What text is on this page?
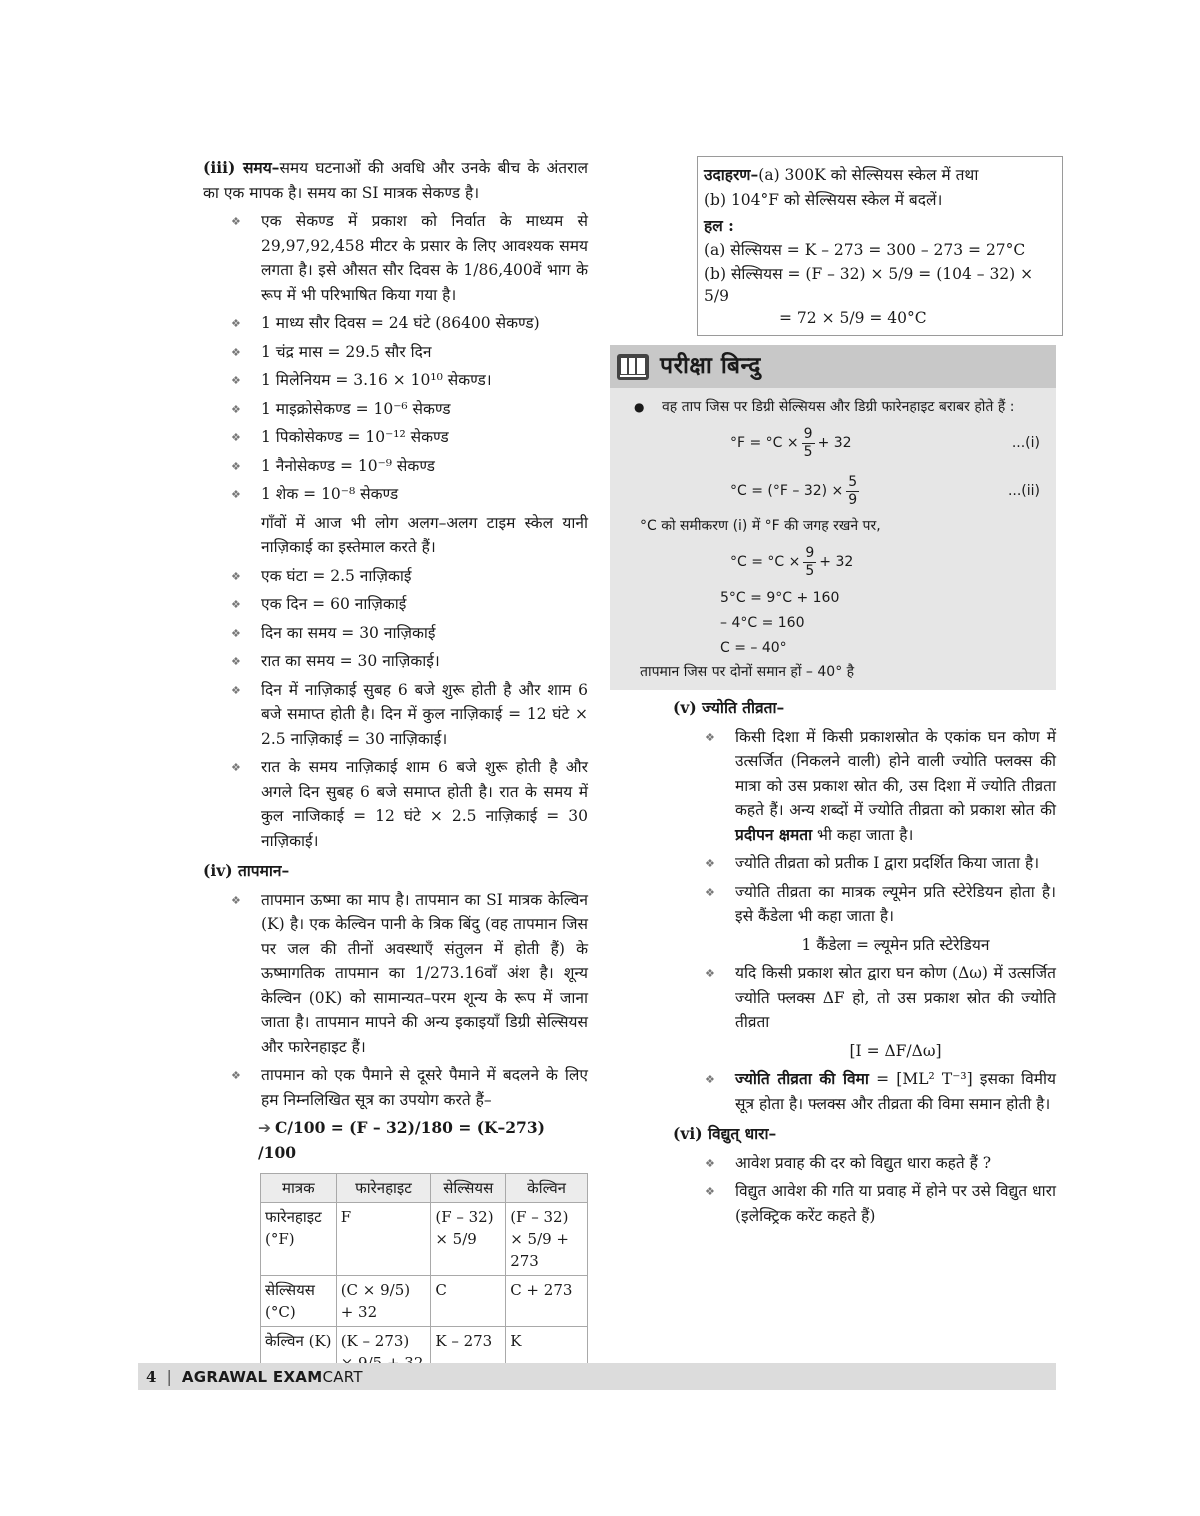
(iii) समय–समय घटनाओं की अवधि और उनके बीच के अंतराल का एक मापक है। समय का SI मात्रक सेकण्ड है।
❖ एक सेकण्ड में प्रकाश को निर्वात के माध्यम से 29,97,92,458 मीटर के प्रसार के लिए आवश्यक समय लगता है। इसे औसत सौर दिवस के 1/86,400वें भाग के रूप में भी परिभाषित किया गया है।
❖ 1 माध्य सौर दिवस = 24 घंटे (86400 सेकण्ड)
❖ 1 चंद्र मास = 29.5 सौर दिन
❖ 1 मिलेनियम = 3.16 × 10¹⁰ सेकण्ड।
❖ 1 माइक्रोसेकण्ड = 10⁻⁶ सेकण्ड
❖ 1 पिकोसेकण्ड = 10⁻¹² सेकण्ड
❖ 1 नैनोसेकण्ड = 10⁻⁹ सेकण्ड
❖ 1 शेक = 10⁻⁸ सेकण्ड
गाँवों में आज भी लोग अलग–अलग टाइम स्केल यानी नाज़िकाई का इस्तेमाल करते हैं।
❖ एक घंटा = 2.5 नाज़िकाई
❖ एक दिन = 60 नाज़िकाई
❖ दिन का समय = 30 नाज़िकाई
❖ रात का समय = 30 नाज़िकाई।
❖ दिन में नाज़िकाई सुबह 6 बजे शुरू होती है और शाम 6 बजे समाप्त होती है। दिन में कुल नाज़िकाई = 12 घंटे × 2.5 नाज़िकाई = 30 नाज़िकाई।
❖ रात के समय नाज़िकाई शाम 6 बजे शुरू होती है और अगले दिन सुबह 6 बजे समाप्त होती है। रात के समय में कुल नाजिकाई = 12 घंटे × 2.5 नाज़िकाई = 30 नाज़िकाई।
(iv) तापमान–
❖ तापमान ऊष्मा का माप है। तापमान का SI मात्रक केल्विन (K) है। एक केल्विन पानी के त्रिक बिंदु (वह तापमान जिस पर जल की तीनों अवस्थाएँ संतुलन में होती हैं) के ऊष्मागतिक तापमान का 1/273.16वाँ अंश है। शून्य केल्विन (0K) को सामान्यत–परम शून्य के रूप में जाना जाता है। तापमान मापने की अन्य इकाइयाँ डिग्री सेल्सियस और फारेनहाइट हैं।
❖ तापमान को एक पैमाने से दूसरे पैमाने में बदलने के लिए हम निम्नलिखित सूत्र का उपयोग करते हैं–
➔ C/100 = (F – 32)/180 = (K–273) /100
मात्रक	फारेनहाइट	सेल्सियस	केल्विन
फारेनहाइट (°F)	F	(F – 32) × 5/9	(F – 32) × 5/9 + 273
सेल्सियस (°C)	(C × 9/5) + 32	C	C + 273
केल्विन (K)	(K – 273)	K – 273	K
उदाहरण–(a) 300K को सेल्सियस स्केल में तथा
(b) 104°F को सेल्सियस स्केल में बदलें।
हल :
(a) सेल्सियस = K – 273 = 300 – 273 = 27°C
(b) सेल्सियस = (F – 32) × 5/9 = (104 – 32) × 5/9
= 72 × 5/9 = 40°C
परीक्षा बिन्दु
● वह ताप जिस पर डिग्री सेल्सियस और डिग्री फारेनहाइट बराबर होते हैं :
$^\circ F = ^\circ C \times \frac{9}{5} + 32$	...(i)
$^\circ C = (^\circ F - 32) \times \frac{5}{9}$	...(ii)
°C को समीकरण (i) में °F की जगह रखने पर,
$^\circ C = ^\circ C \times \frac{9}{5} + 32$
5°C = 9°C + 160
– 4°C = 160
C = – 40°
तापमान जिस पर दोनों समान हों – 40° है
(v) ज्योति तीव्रता–
❖ किसी दिशा में किसी प्रकाशस्रोत के एकांक घन कोण में उत्सर्जित (निकलने वाली) होने वाली ज्योति फ्लक्स की मात्रा को उस प्रकाश स्रोत की, उस दिशा में ज्योति तीव्रता कहते हैं। अन्य शब्दों में ज्योति तीव्रता को प्रकाश स्रोत की प्रदीपन क्षमता भी कहा जाता है।
❖ ज्योति तीव्रता को प्रतीक I द्वारा प्रदर्शित किया जाता है।
❖ ज्योति तीव्रता का मात्रक ल्यूमेन प्रति स्टेरेडियन होता है। इसे कैंडेला भी कहा जाता है।
1 कैंडेला = ल्यूमेन प्रति स्टेरेडियन
❖ यदि किसी प्रकाश स्रोत द्वारा घन कोण (Δω) में उत्सर्जित ज्योति फ्लक्स ΔF हो, तो उस प्रकाश स्रोत की ज्योति तीव्रता
[I = ΔF/Δω]
❖ ज्योति तीव्रता की विमा = [ML² T⁻³] इसका विमीय सूत्र होता है। फ्लक्स और तीव्रता की विमा समान होती है।
(vi) विद्युत् धारा–
❖ आवेश प्रवाह की दर को विद्युत धारा कहते हैं ?
❖ विद्युत आवेश की गति या प्रवाह में होने पर उसे विद्युत धारा (इलेक्ट्रिक करेंट कहते हैं)
4 | AGRAWAL EXAMCART
